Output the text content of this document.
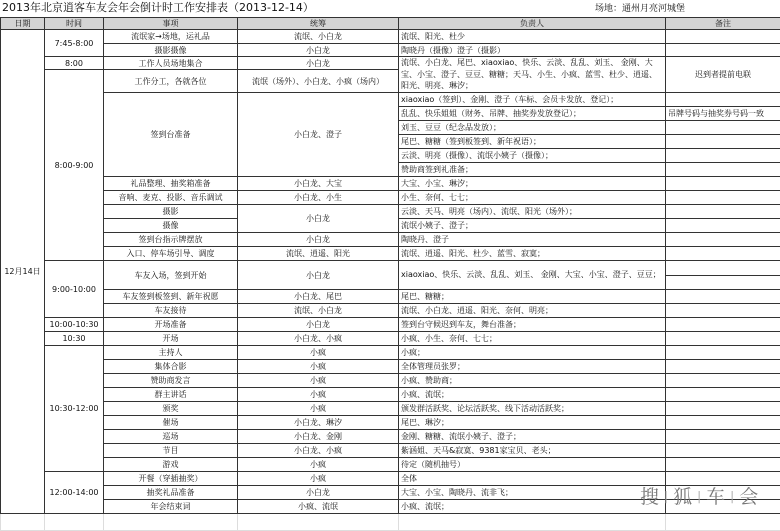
2013年北京逍客车友会年会倒计时工作安排表（2013-12-14）	场地：通州月亮河城堡
日期	时间	事项	统筹	负责人	备注
12月14日	7:45-8:00	流氓家→场地，运礼品	流氓、小白龙	流氓、阳光、杜少	
		摄影摄像	小白龙	陶晓丹（摄像）澄子（摄影）	
	8:00	工作人员场地集合	小白龙	流氓、小白龙、尾巴、xiaoxiao、快乐、云淡、乱乱、刘玉、 金刚、大宝、小宝、澄子、豆豆、糖糖；天马、小生、小疯、蓝雪、杜少、逍遥、阳光、明亮、琳汐；	迟到者提前电联
	8:00-9:00	工作分工，各就各位	流氓（场外）、小白龙、小疯（场内）		
		签到台准备	小白龙、澄子	xiaoxiao（签到）、金刚、澄子（车标、会员卡发放、登记）；	
				乱乱、快乐姐姐（财务、吊牌、抽奖券发放登记）；	吊牌号码与抽奖券号码一致
				刘玉、豆豆（纪念品发放）；	
				尾巴、糖糖（签到板签到、新年祝语）；	
				云淡、明亮（摄像）、流氓小姨子（摄像）；	
				赞助商签到礼准备；	
		礼品整理、抽奖箱准备	小白龙、大宝	大宝、小宝、琳汐；	
		音响、麦克、投影、音乐调试	小白龙、小生	小生、奈何、七七；	
		摄影	小白龙	云淡、天马、明亮（场内）、流氓、阳光（场外）；	
		摄像		流氓小姨子、澄子；	
		签到台指示牌摆放	小白龙	陶晓丹、澄子	
		入口、停车场引导、调度	流氓、逍遥、阳光	流氓、逍遥、阳光、杜少、蓝雪、寂寞；	
	9:00-10:00	车友入场，签到开始	小白龙	xiaoxiao、快乐、云淡、乱乱、刘玉、 金刚、大宝、小宝、澄子、豆豆；	

		车友签到板签到、新年祝愿	小白龙、尾巴	尾巴、糖糖；	
		车友接待	流氓、小白龙	流氓、小白龙、逍遥、阳光、奈何、明亮；	
	10:00-10:30	开场准备	小白龙	签到台守候迟到车友，舞台准备；	
	10:30	开场	小白龙、小疯	小疯、小生、奈何、七七；	
	10:30-12:00	主持人	小疯	小疯；	
		集体合影	小疯	全体管理员张罗；	
		赞助商发言	小疯	小疯、赞助商；	
		群主讲话	小疯	小疯、流氓；	
		颁奖	小疯	颁发群活跃奖、论坛活跃奖、线下活动活跃奖；	
		催场	小白龙、琳汐	尾巴、琳汐；	
		巡场	小白龙、金刚	金刚、糖糖、流氓小姨子、澄子；	
		节目	小白龙、小疯	紫涵姐、天马&寂寞、9381家宝贝、老头；	
		游戏	小疯	待定（随机抽号）	
	12:00-14:00	开餐（穿插抽奖）	小疯	全体	
		抽奖礼品准备	小白龙	大宝、小宝、陶晓丹、流非飞；	
		年会结束词	小疯、流氓	小疯、流氓；	
						搜 | 狐 | 车 | 会
